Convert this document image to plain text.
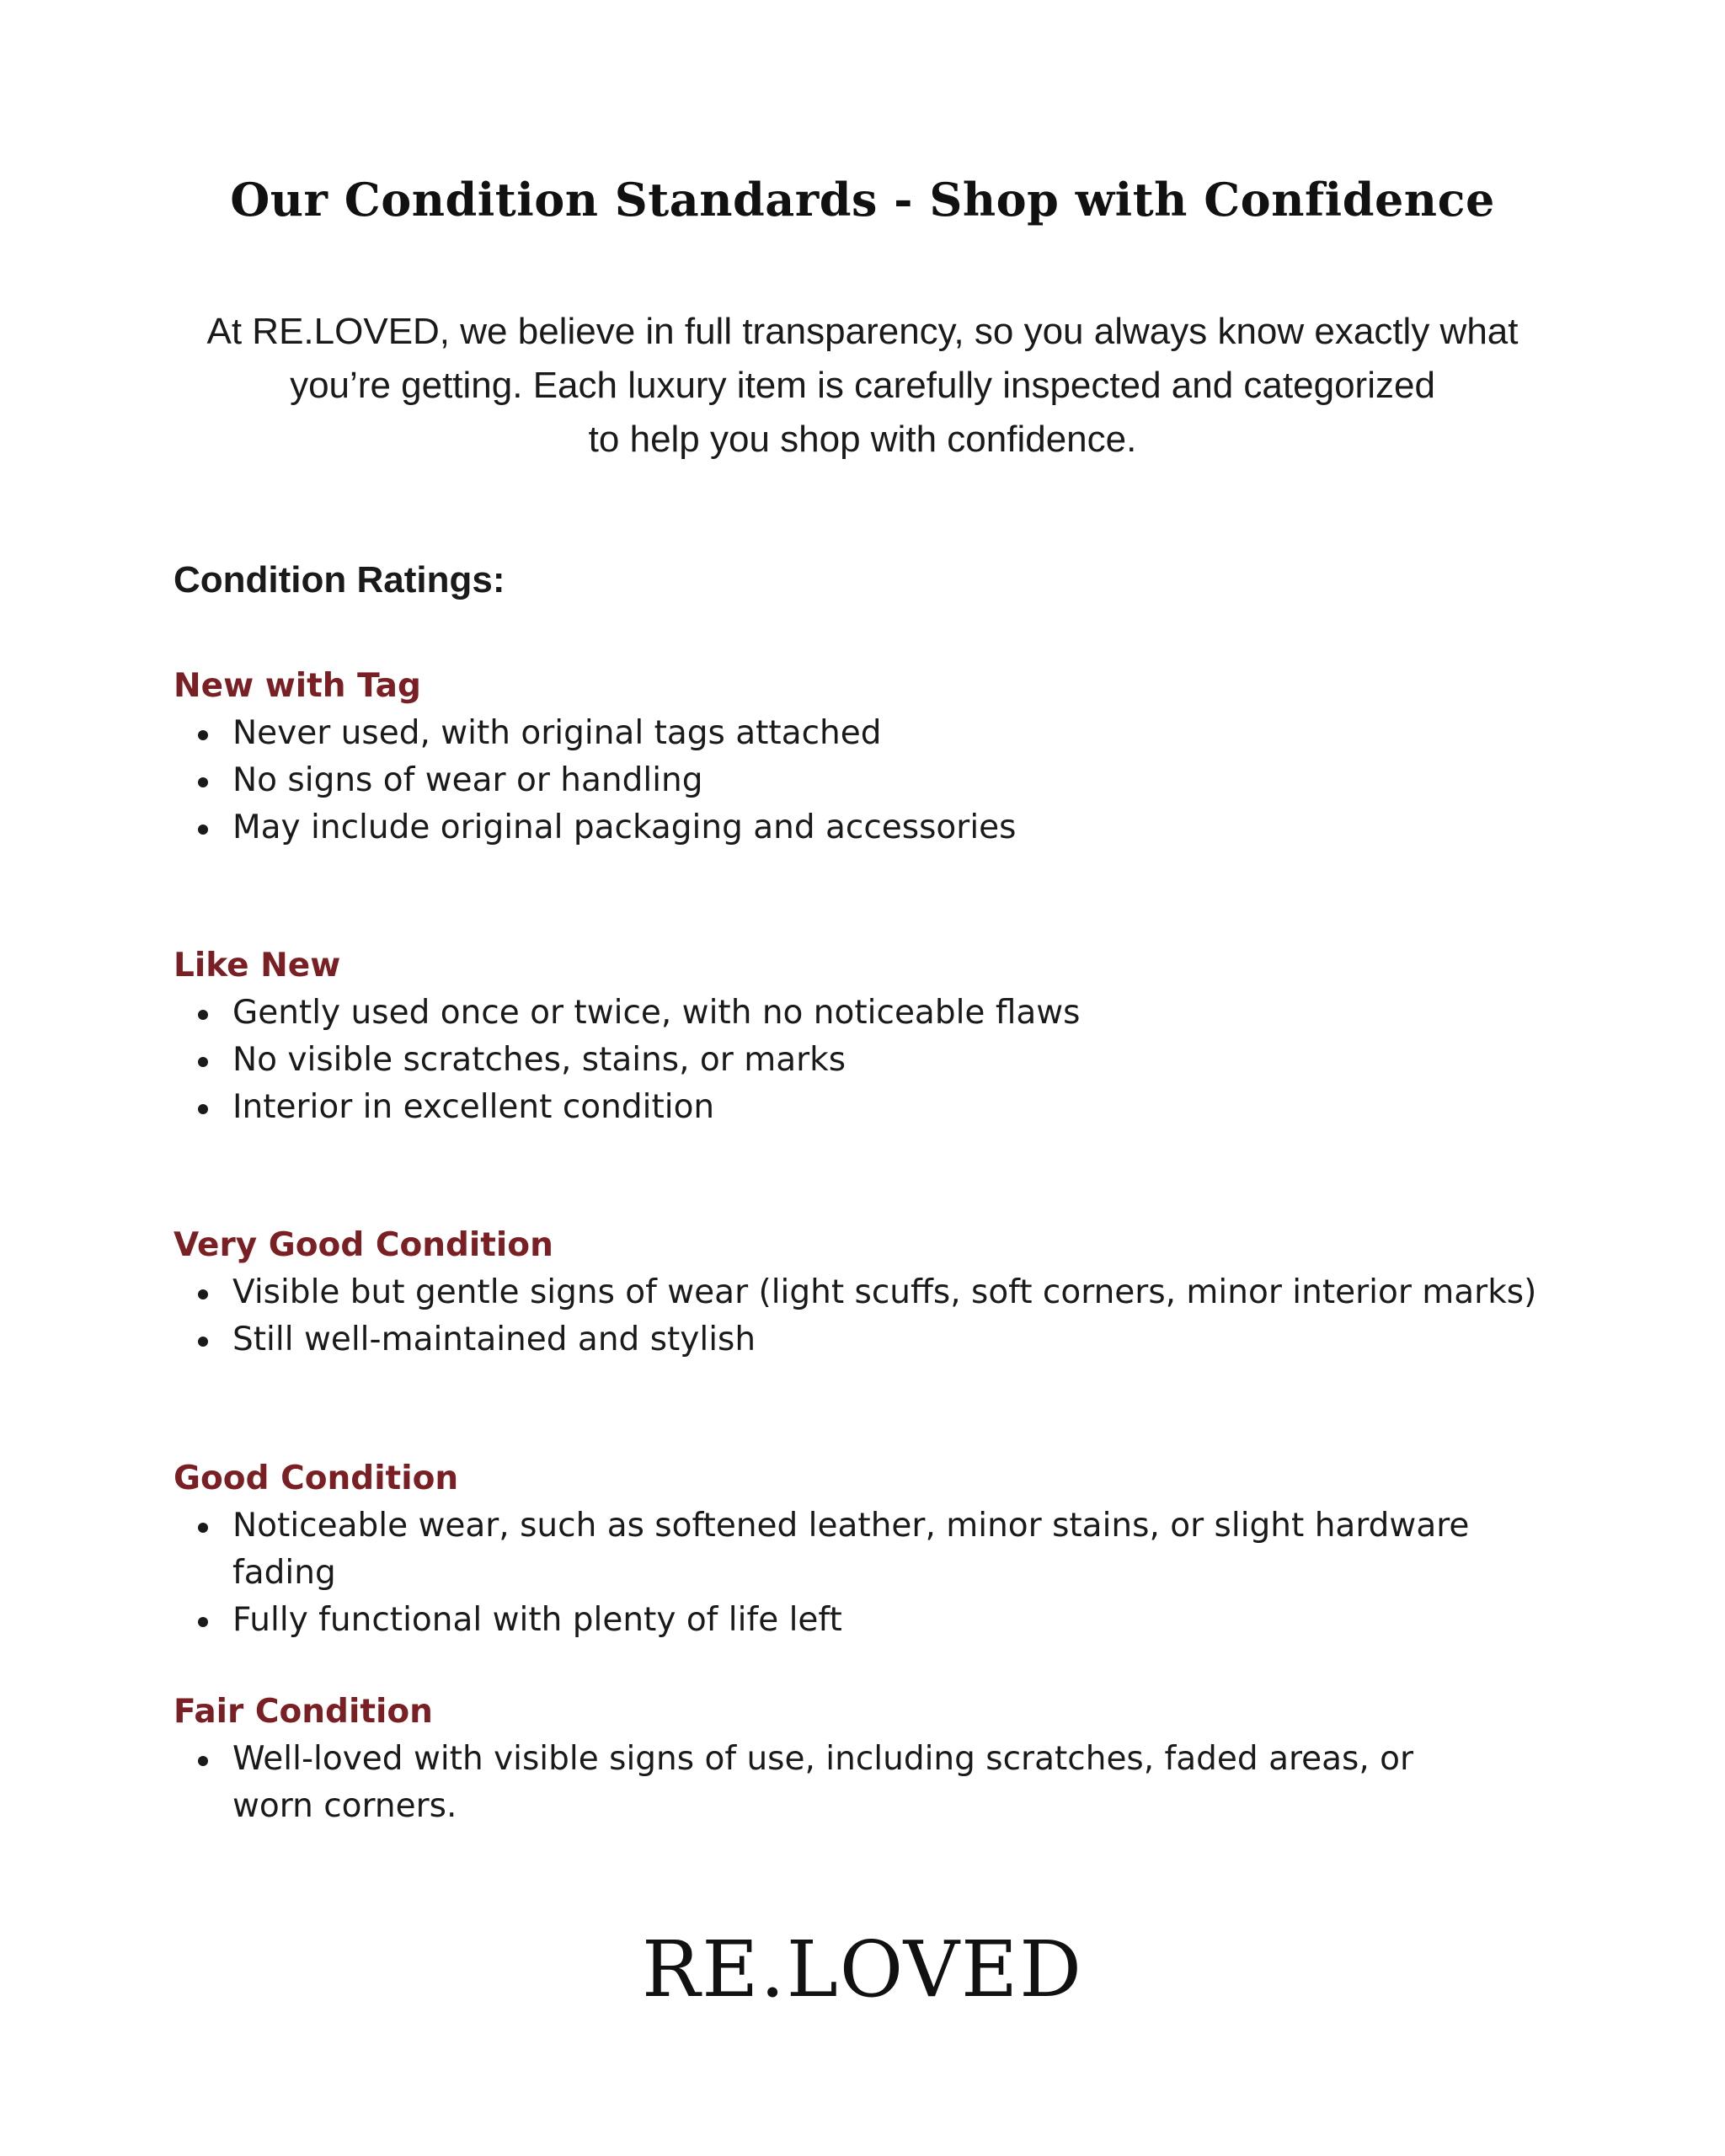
Our Condition Standards - Shop with Confidence

At RE.LOVED, we believe in full transparency, so you always know exactly what
you’re getting. Each luxury item is carefully inspected and categorized
to help you shop with confidence.

Condition Ratings:
New with Tag
Never used, with original tags attached
No signs of wear or handling
May include original packaging and accessories
Like New
Gently used once or twice, with no noticeable flaws
No visible scratches, stains, or marks
Interior in excellent condition
Very Good Condition
Visible but gentle signs of wear (light scuffs, soft corners, minor interior marks)
Still well-maintained and stylish
Good Condition
Noticeable wear, such as softened leather, minor stains, or slight hardware fading
Fully functional with plenty of life left
Fair Condition
Well-loved with visible signs of use, including scratches, faded areas, or worn corners.
RE.LOVED
